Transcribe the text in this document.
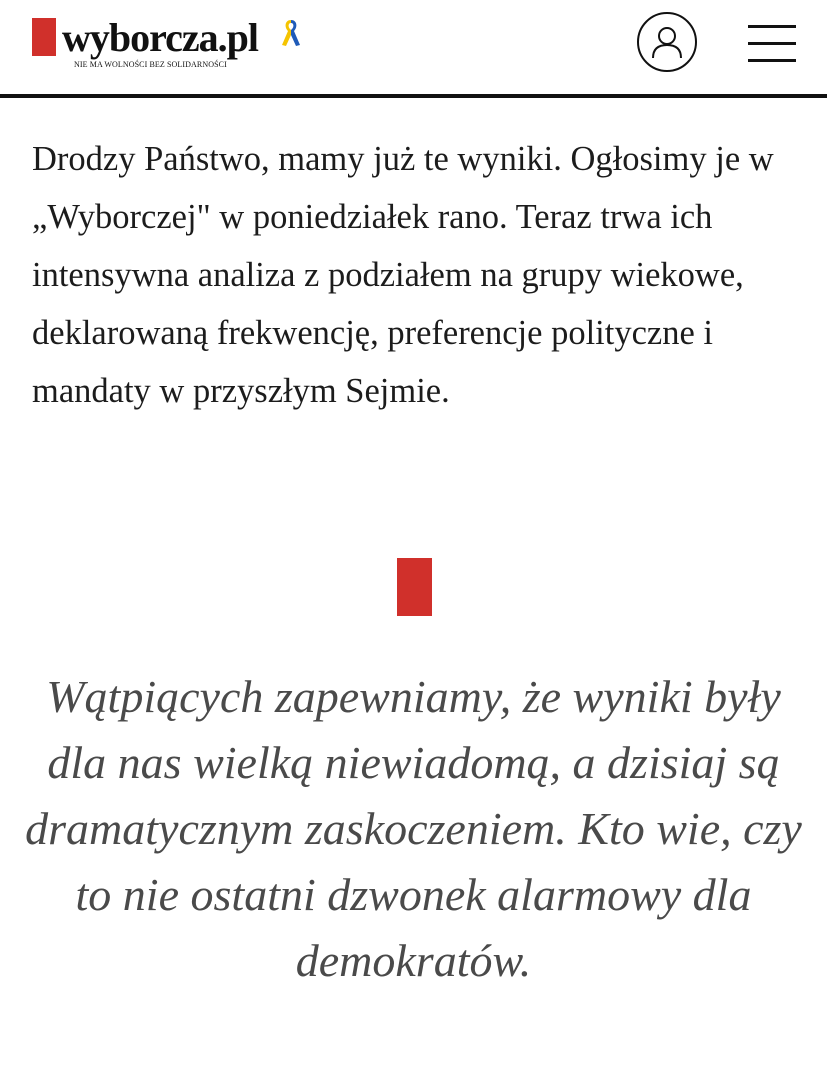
wyborcza.pl
NIE MA WOLNOŚCI BEZ SOLIDARNOŚCI

Drodzy Państwo, mamy już te wyniki. Ogłosimy je w „Wyborczej" w poniedziałek rano. Teraz trwa ich intensywna analiza z podziałem na grupy wiekowe, deklarowaną frekwencję, preferencje polityczne i mandaty w przyszłym Sejmie.

Wątpiących zapewniamy, że wyniki były dla nas wielką niewiadomą, a dzisiaj są dramatycznym zaskoczeniem. Kto wie, czy to nie ostatni dzwonek alarmowy dla demokratów.
